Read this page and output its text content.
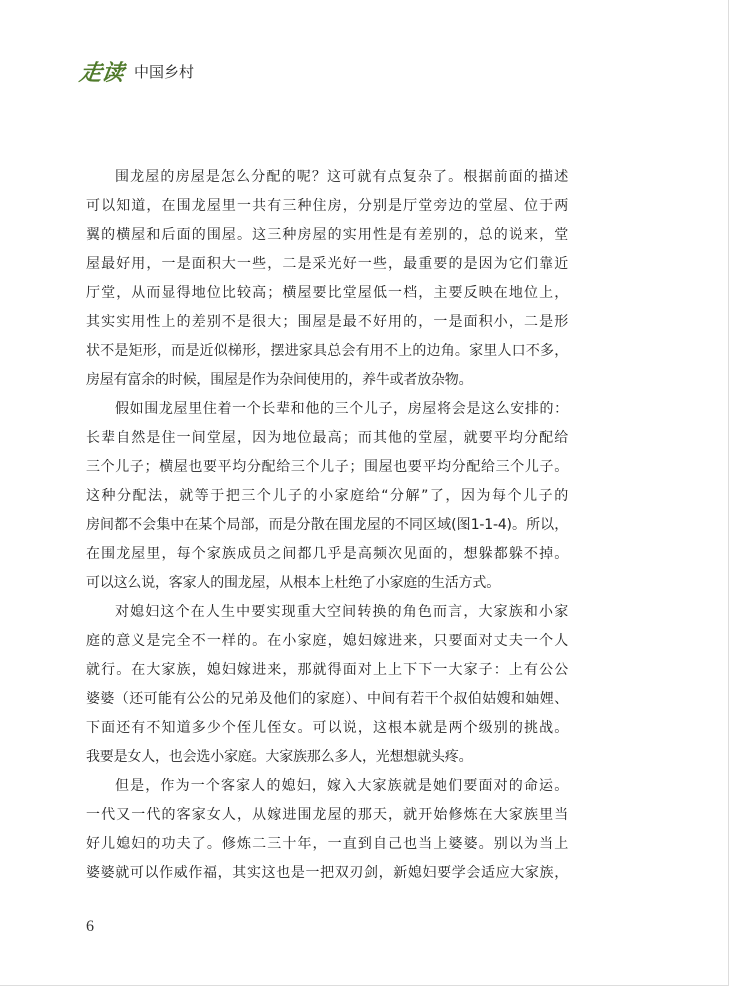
走读 中国乡村
围龙屋的房屋是怎么分配的呢？这可就有点复杂了。根据前面的描述
可以知道，在围龙屋里一共有三种住房，分别是厅堂旁边的堂屋、位于两
翼的横屋和后面的围屋。这三种房屋的实用性是有差别的，总的说来，堂
屋最好用，一是面积大一些，二是采光好一些，最重要的是因为它们靠近
厅堂，从而显得地位比较高；横屋要比堂屋低一档，主要反映在地位上，
其实实用性上的差别不是很大；围屋是最不好用的，一是面积小，二是形
状不是矩形，而是近似梯形，摆进家具总会有用不上的边角。家里人口不多，
房屋有富余的时候，围屋是作为杂间使用的，养牛或者放杂物。
假如围龙屋里住着一个长辈和他的三个儿子，房屋将会是这么安排的：
长辈自然是住一间堂屋，因为地位最高；而其他的堂屋，就要平均分配给
三个儿子；横屋也要平均分配给三个儿子；围屋也要平均分配给三个儿子。
这种分配法，就等于把三个儿子的小家庭给“分解”了，因为每个儿子的
房间都不会集中在某个局部，而是分散在围龙屋的不同区域(图1-1-4)。所以，
在围龙屋里，每个家族成员之间都几乎是高频次见面的，想躲都躲不掉。
可以这么说，客家人的围龙屋，从根本上杜绝了小家庭的生活方式。
对媳妇这个在人生中要实现重大空间转换的角色而言，大家族和小家
庭的意义是完全不一样的。在小家庭，媳妇嫁进来，只要面对丈夫一个人
就行。在大家族，媳妇嫁进来，那就得面对上上下下一大家子：上有公公
婆婆（还可能有公公的兄弟及他们的家庭）、中间有若干个叔伯姑嫂和妯娌、
下面还有不知道多少个侄儿侄女。可以说，这根本就是两个级别的挑战。
我要是女人，也会选小家庭。大家族那么多人，光想想就头疼。
但是，作为一个客家人的媳妇，嫁入大家族就是她们要面对的命运。
一代又一代的客家女人，从嫁进围龙屋的那天，就开始修炼在大家族里当
好儿媳妇的功夫了。修炼二三十年，一直到自己也当上婆婆。别以为当上
婆婆就可以作威作福，其实这也是一把双刃剑，新媳妇要学会适应大家族，
6
